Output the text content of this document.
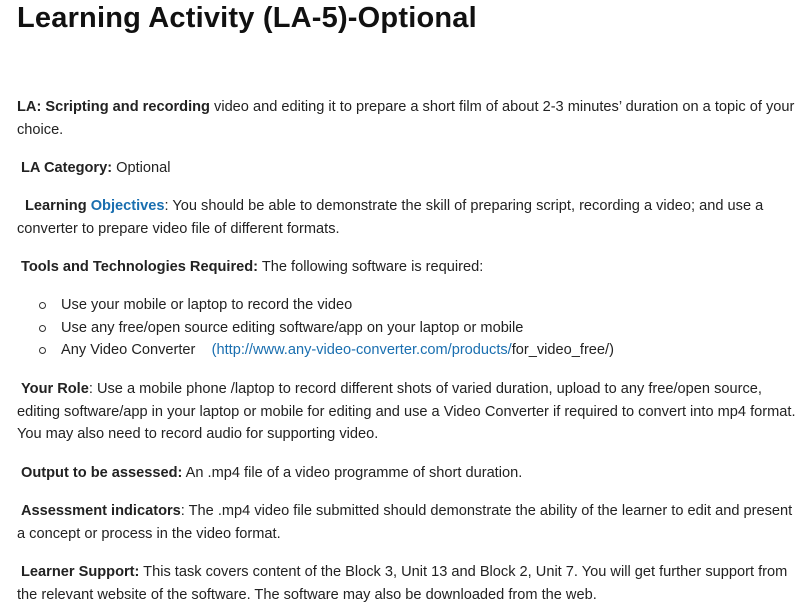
Learning Activity (LA-5)-Optional

LA: Scripting and recording video and editing it to prepare a short film of about 2-3 minutes’ duration on a topic of your choice.

LA Category: Optional

Learning Objectives: You should be able to demonstrate the skill of preparing script, recording a video; and use a converter to prepare video file of different formats.

Tools and Technologies Required: The following software is required:

Use your mobile or laptop to record the video
Use any free/open source editing software/app on your laptop or mobile
Any Video Converter (http://www.any-video-converter.com/products/for_video_free/)

Your Role: Use a mobile phone /laptop to record different shots of varied duration, upload to any free/open source, editing software/app in your laptop or mobile for editing and use a Video Converter if required to convert into mp4 format. You may also need to record audio for supporting video.

Output to be assessed: An .mp4 file of a video programme of short duration.

Assessment indicators: The .mp4 video file submitted should demonstrate the ability of the learner to edit and present a concept or process in the video format.

Learner Support: This task covers content of the Block 3, Unit 13 and Block 2, Unit 7. You will get further support from the relevant website of the software. The software may also be downloaded from the web.
